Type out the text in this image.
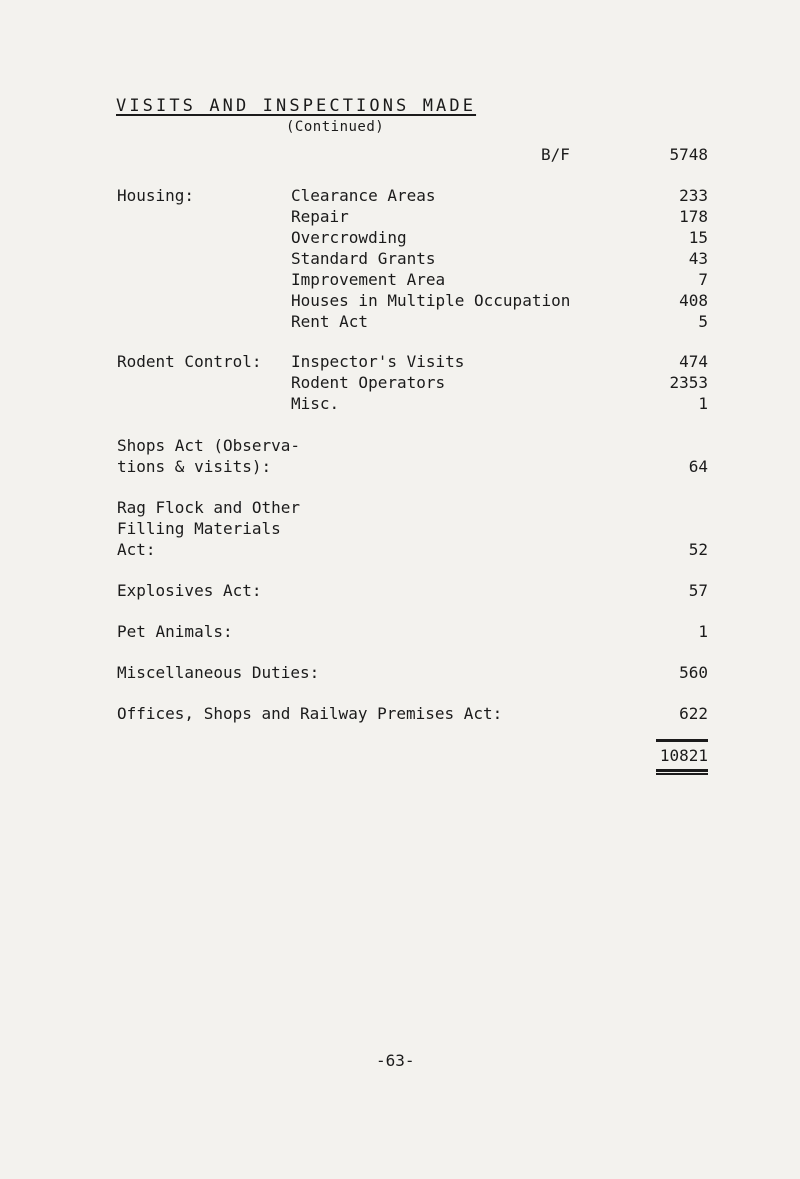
VISITS AND INSPECTIONS MADE
(Continued)
B/F	5748
Housing:	Clearance Areas	233
Repair	178
Overcrowding	15
Standard Grants	43
Improvement Area	7
Houses in Multiple Occupation	408
Rent Act	5
Rodent Control: Inspector's Visits	474
Rodent Operators	2353
Misc.	1
Shops Act (Observa-
tions & visits):	64
Rag Flock and Other
Filling Materials
Act:	52
Explosives Act:	57
Pet Animals:	1
Miscellaneous Duties:	560
Offices, Shops and Railway Premises Act:	622
10821
-63-
